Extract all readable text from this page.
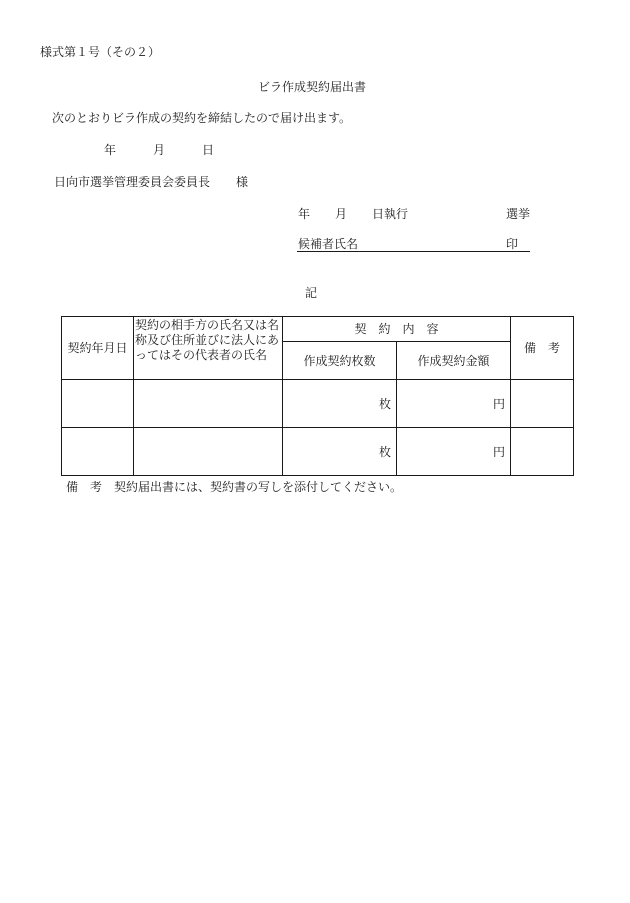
様式第１号（その２）
ビラ作成契約届出書
次のとおりビラ作成の契約を締結したので届け出ます。
年	月	日
日向市選挙管理委員会委員長 様
年 月 日執行	選挙
候補者氏名	印
記
契約年月日	契約の相手方の氏名又は名称及び住所並びに法人にあってはその代表者の氏名	契　約　内　容		備　考
		作成契約枚数	作成契約金額	
		枚	円	
		枚	円	
備　考 契約届出書には、契約書の写しを添付してください。
